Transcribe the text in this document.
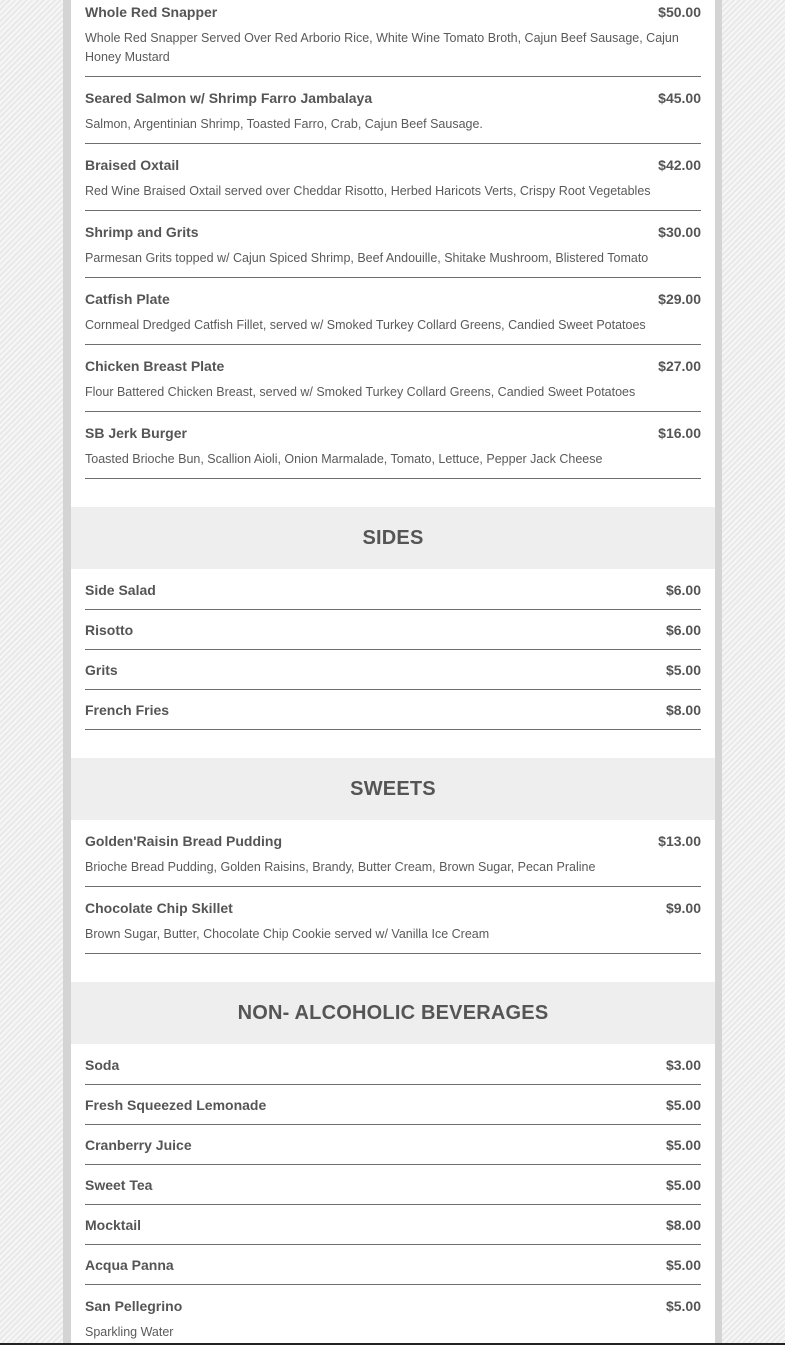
Whole Red Snapper	$50.00
Whole Red Snapper Served Over Red Arborio Rice, White Wine Tomato Broth, Cajun Beef Sausage, Cajun Honey Mustard
Seared Salmon w/ Shrimp Farro Jambalaya	$45.00
Salmon, Argentinian Shrimp, Toasted Farro, Crab, Cajun Beef Sausage.
Braised Oxtail	$42.00
Red Wine Braised Oxtail served over Cheddar Risotto, Herbed Haricots Verts, Crispy Root Vegetables
Shrimp and Grits	$30.00
Parmesan Grits topped w/ Cajun Spiced Shrimp, Beef Andouille, Shitake Mushroom, Blistered Tomato
Catfish Plate	$29.00
Cornmeal Dredged Catfish Fillet, served w/ Smoked Turkey Collard Greens, Candied Sweet Potatoes
Chicken Breast Plate	$27.00
Flour Battered Chicken Breast, served w/ Smoked Turkey Collard Greens, Candied Sweet Potatoes
SB Jerk Burger	$16.00
Toasted Brioche Bun, Scallion Aioli, Onion Marmalade, Tomato, Lettuce, Pepper Jack Cheese
SIDES
Side Salad	$6.00
Risotto	$6.00
Grits	$5.00
French Fries	$8.00
SWEETS
Golden'Raisin Bread Pudding	$13.00
Brioche Bread Pudding, Golden Raisins, Brandy, Butter Cream, Brown Sugar, Pecan Praline
Chocolate Chip Skillet	$9.00
Brown Sugar, Butter, Chocolate Chip Cookie served w/ Vanilla Ice Cream
NON- ALCOHOLIC BEVERAGES
Soda	$3.00
Fresh Squeezed Lemonade	$5.00
Cranberry Juice	$5.00
Sweet Tea	$5.00
Mocktail	$8.00
Acqua Panna	$5.00
San Pellegrino	$5.00
Sparkling Water
